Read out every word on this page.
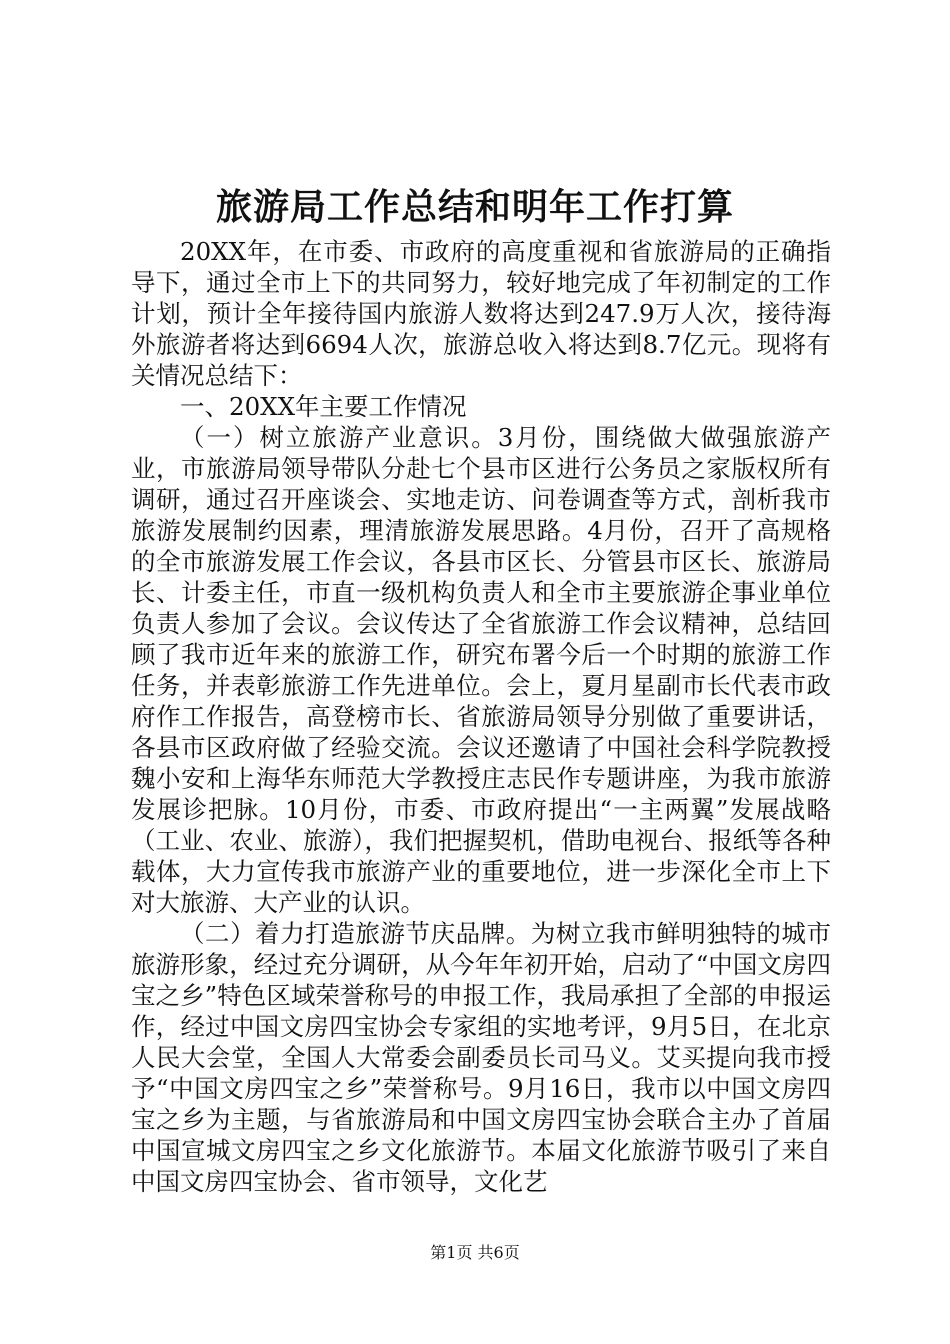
旅游局工作总结和明年工作打算

20XX年，在市委、市政府的高度重视和省旅游局的正确指导下，通过全市上下的共同努力，较好地完成了年初制定的工作计划，预计全年接待国内旅游人数将达到247.9万人次，接待海外旅游者将达到6694人次，旅游总收入将达到8.7亿元。现将有关情况总结下：

一、20XX年主要工作情况

（一）树立旅游产业意识。3月份，围绕做大做强旅游产业，市旅游局领导带队分赴七个县市区进行公务员之家版权所有调研，通过召开座谈会、实地走访、问卷调查等方式，剖析我市旅游发展制约因素，理清旅游发展思路。4月份，召开了高规格的全市旅游发展工作会议，各县市区长、分管县市区长、旅游局长、计委主任，市直一级机构负责人和全市主要旅游企事业单位负责人参加了会议。会议传达了全省旅游工作会议精神，总结回顾了我市近年来的旅游工作，研究布署今后一个时期的旅游工作任务，并表彰旅游工作先进单位。会上，夏月星副市长代表市政府作工作报告，高登榜市长、省旅游局领导分别做了重要讲话，各县市区政府做了经验交流。会议还邀请了中国社会科学院教授魏小安和上海华东师范大学教授庄志民作专题讲座，为我市旅游发展诊把脉。10月份，市委、市政府提出“一主两翼”发展战略（工业、农业、旅游），我们把握契机，借助电视台、报纸等各种载体，大力宣传我市旅游产业的重要地位，进一步深化全市上下对大旅游、大产业的认识。

（二）着力打造旅游节庆品牌。为树立我市鲜明独特的城市旅游形象，经过充分调研，从今年年初开始，启动了“中国文房四宝之乡”特色区域荣誉称号的申报工作，我局承担了全部的申报运作，经过中国文房四宝协会专家组的实地考评，9月5日，在北京人民大会堂，全国人大常委会副委员长司马义。艾买提向我市授予“中国文房四宝之乡”荣誉称号。9月16日，我市以中国文房四宝之乡为主题，与省旅游局和中国文房四宝协会联合主办了首届中国宣城文房四宝之乡文化旅游节。本届文化旅游节吸引了来自中国文房四宝协会、省市领导，文化艺

第1页 共6页
